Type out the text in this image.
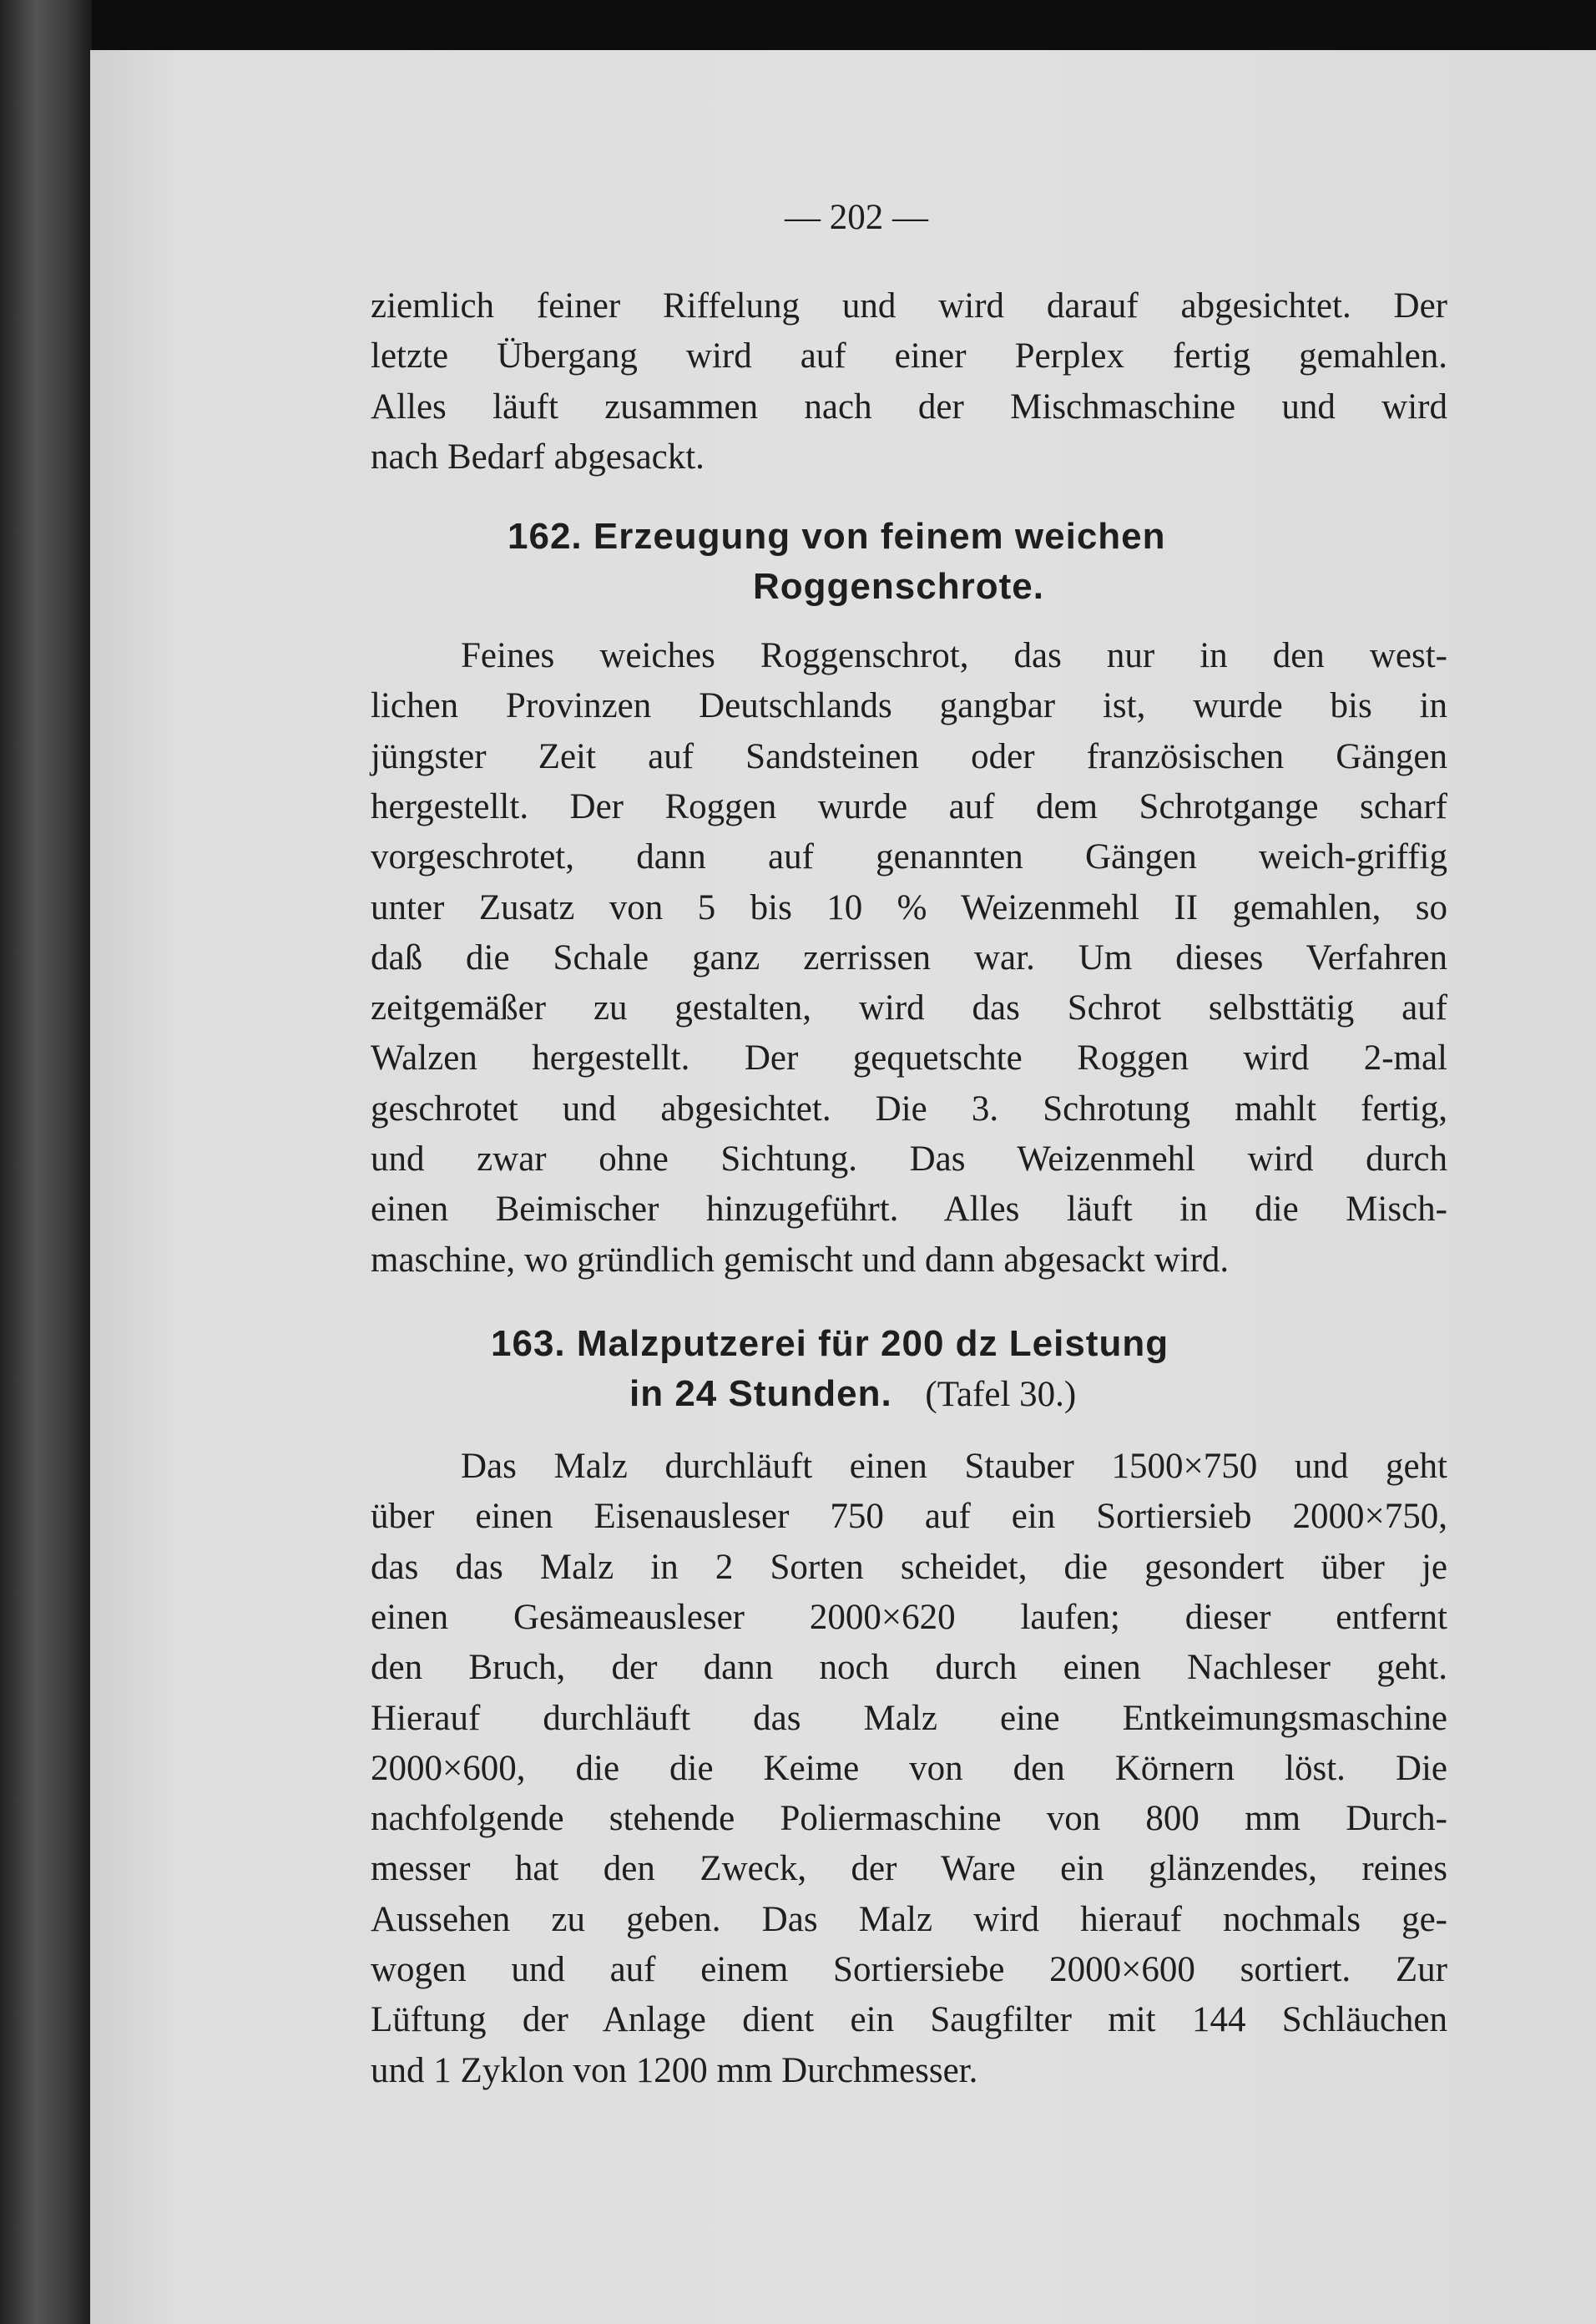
— 202 —
162. Erzeugung von feinem weichen
Roggenschrote.
163. Malzputzerei für 200 dz Leistung
in 24 Stunden. (Tafel 30.)
ziemlich feiner Riffelung und wird darauf abgesichtet. Der
letzte Übergang wird auf einer Perplex fertig gemahlen.
Alles läuft zusammen nach der Mischmaschine und wird
nach Bedarf abgesackt.
Feines weiches Roggenschrot, das nur in den west-
lichen Provinzen Deutschlands gangbar ist, wurde bis in
jüngster Zeit auf Sandsteinen oder französischen Gängen
hergestellt. Der Roggen wurde auf dem Schrotgange scharf
vorgeschrotet, dann auf genannten Gängen weich-griffig
unter Zusatz von 5 bis 10 % Weizenmehl II gemahlen, so
daß die Schale ganz zerrissen war. Um dieses Verfahren
zeitgemäßer zu gestalten, wird das Schrot selbsttätig auf
Walzen hergestellt. Der gequetschte Roggen wird 2-mal
geschrotet und abgesichtet. Die 3. Schrotung mahlt fertig,
und zwar ohne Sichtung. Das Weizenmehl wird durch
einen Beimischer hinzugeführt. Alles läuft in die Misch-
maschine, wo gründlich gemischt und dann abgesackt wird.
Das Malz durchläuft einen Stauber 1500×750 und geht
über einen Eisenausleser 750 auf ein Sortiersieb 2000×750,
das das Malz in 2 Sorten scheidet, die gesondert über je
einen Gesämeausleser 2000×620 laufen; dieser entfernt
den Bruch, der dann noch durch einen Nachleser geht.
Hierauf durchläuft das Malz eine Entkeimungsmaschine
2000×600, die die Keime von den Körnern löst. Die
nachfolgende stehende Poliermaschine von 800 mm Durch-
messer hat den Zweck, der Ware ein glänzendes, reines
Aussehen zu geben. Das Malz wird hierauf nochmals ge-
wogen und auf einem Sortiersiebe 2000×600 sortiert. Zur
Lüftung der Anlage dient ein Saugfilter mit 144 Schläuchen
und 1 Zyklon von 1200 mm Durchmesser.
